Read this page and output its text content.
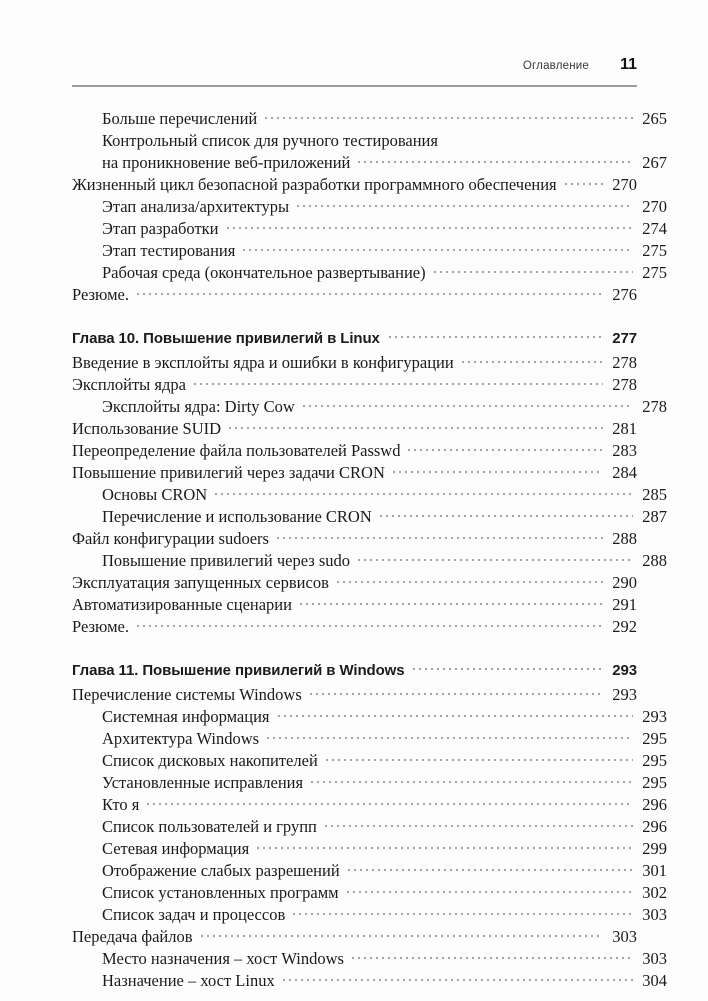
Оглавление	11
Больше перечислений	265
Контрольный список для ручного тестирования
на проникновение веб-приложений	267
Жизненный цикл безопасной разработки программного обеспечения	270
Этап анализа/архитектуры	270
Этап разработки	274
Этап тестирования	275
Рабочая среда (окончательное развертывание)	275
Резюме.	276
Глава 10. Повышение привилегий в Linux	277
Введение в эксплойты ядра и ошибки в конфигурации	278
Эксплойты ядра	278
Эксплойты ядра: Dirty Cow	278
Использование SUID	281
Переопределение файла пользователей Passwd	283
Повышение привилегий через задачи CRON	284
Основы CRON	285
Перечисление и использование CRON	287
Файл конфигурации sudoers	288
Повышение привилегий через sudo	288
Эксплуатация запущенных сервисов	290
Автоматизированные сценарии	291
Резюме.	292
Глава 11. Повышение привилегий в Windows	293
Перечисление системы Windows	293
Системная информация	293
Архитектура Windows	295
Список дисковых накопителей	295
Установленные исправления	295
Кто я	296
Список пользователей и групп	296
Сетевая информация	299
Отображение слабых разрешений	301
Список установленных программ	302
Список задач и процессов	303
Передача файлов	303
Место назначения – хост Windows	303
Назначение – хост Linux	304
